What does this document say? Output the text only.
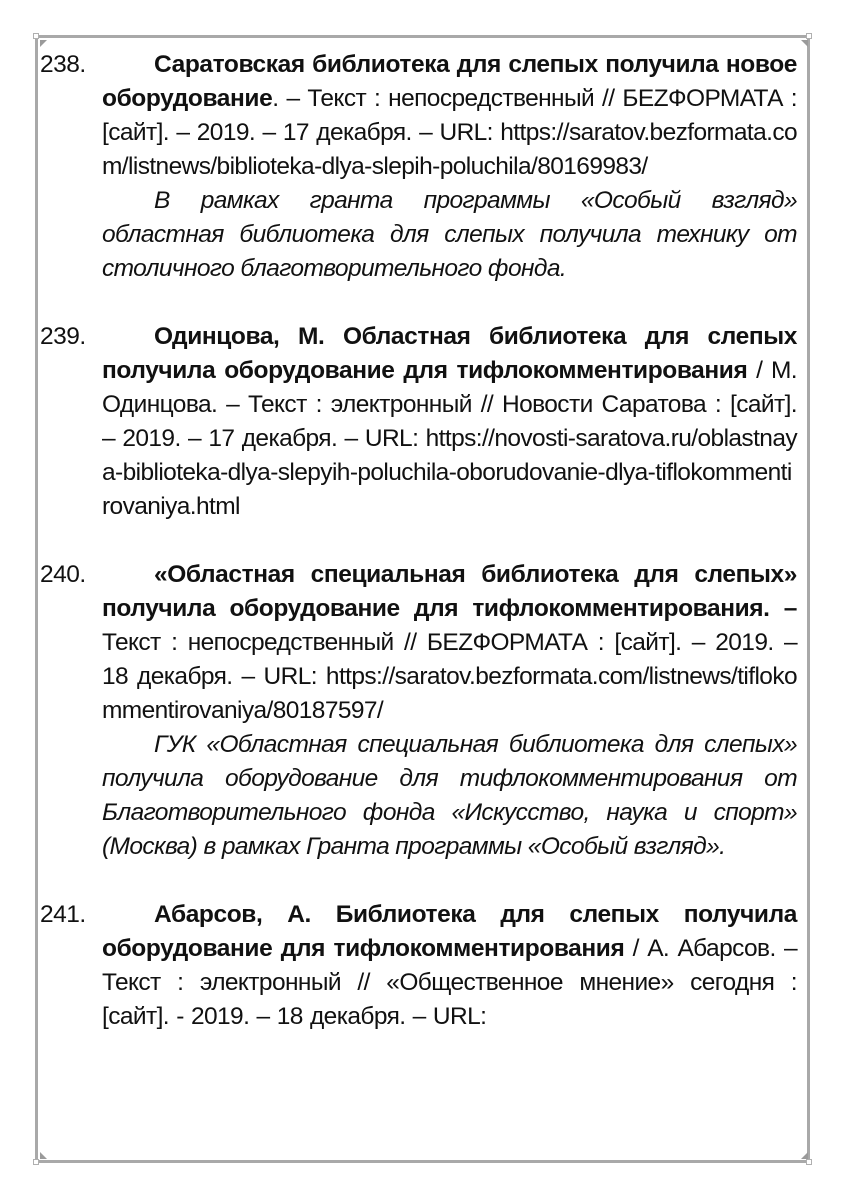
238.	Саратовская библиотека для слепых получила новое оборудование. – Текст : непосредственный // БЕZФОРМАТА : [сайт]. – 2019. – 17 декабря. – URL: https://saratov.bezformata.com/listnews/biblioteka-dlya-slepih-poluchila/80169983/

В рамках гранта программы «Особый взгляд» областная библиотека для слепых получила технику от столичного благотворительного фонда.

239.	Одинцова, М. Областная библиотека для слепых получила оборудование для тифлокомментирования / М. Одинцова. – Текст : электронный // Новости Саратова : [сайт]. – 2019. – 17 декабря. – URL: https://novosti-saratova.ru/oblastnaya-biblioteka-dlya-slepyih-poluchila-oborudovanie-dlya-tiflokommentirovaniya.html

240.	«Областная специальная библиотека для слепых» получила оборудование для тифлокомментирования. – Текст : непосредственный // БЕZФОРМАТА : [сайт]. – 2019. – 18 декабря. – URL: https://saratov.bezformata.com/listnews/tiflokommentirovaniya/80187597/

ГУК «Областная специальная библиотека для слепых» получила оборудование для тифлокомментирования от Благотворительного фонда «Искусство, наука и спорт» (Москва) в рамках Гранта программы «Особый взгляд».

241.	Абарсов, А. Библиотека для слепых получила оборудование для тифлокомментирования / А. Абарсов. – Текст : электронный // «Общественное мнение» сегодня : [сайт]. - 2019. – 18 декабря. – URL:
